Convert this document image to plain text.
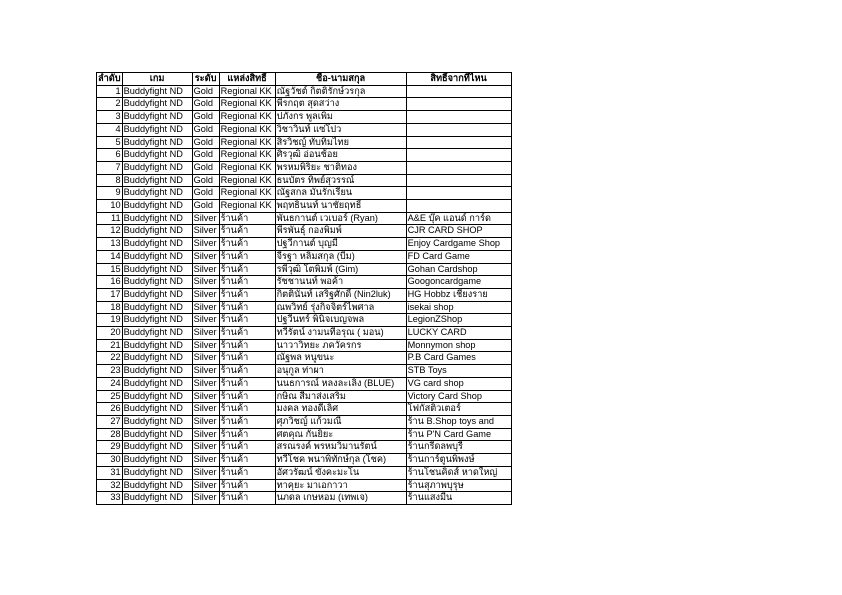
ลำดับ	เกม	ระดับ	แหล่งสิทธิ์	ชื่อ-นามสกุล	สิทธิ์จากที่ไหน
1	Buddyfight ND	Gold	Regional KK	ณัฐวัชต์ กิตติรักษ์วรกุล	
2	Buddyfight ND	Gold	Regional KK	พีรกฤต สุดสว่าง	
3	Buddyfight ND	Gold	Regional KK	ปภังกร พูลเพิ่ม	
4	Buddyfight ND	Gold	Regional KK	วิชาวินท์ แซ่โปว	
5	Buddyfight ND	Gold	Regional KK	สิรวิชญ์ ทับทิมไทย	
6	Buddyfight ND	Gold	Regional KK	ศิรวุฒิ อ่อนช้อย	
7	Buddyfight ND	Gold	Regional KK	พรหมพิริยะ ชาติทอง	
8	Buddyfight ND	Gold	Regional KK	ธนบัตร ทิพย์สุวรรณ์	
9	Buddyfight ND	Gold	Regional KK	ณัฐสกล มันรักเรียน	
10	Buddyfight ND	Gold	Regional KK	พฤทธินนท์ นาชัยฤทธิ์	
11	Buddyfight ND	Silver	ร้านค้า	พันธกานต์ เวเบอร์ (Ryan)	A&E บุ๊ค แอนด์ การ์ด
12	Buddyfight ND	Silver	ร้านค้า	พีรพันธุ์ กองพิมพ์	CJR CARD SHOP
13	Buddyfight ND	Silver	ร้านค้า	ปฐวีกานต์ บุญมี	Enjoy Cardgame Shop
14	Buddyfight ND	Silver	ร้านค้า	จีรฐา หลิมสกุล (บีม)	FD Card Game
15	Buddyfight ND	Silver	ร้านค้า	รพีวุฒิ โตพิมพ์ (Gim)	Gohan Cardshop
16	Buddyfight ND	Silver	ร้านค้า	รัชชานนท์ พอค้า	Googoncardgame
17	Buddyfight ND	Silver	ร้านค้า	กิตตินันท์ เสริฐศักดิ์ (Nin2luk)	HG Hobbz เชียงราย
18	Buddyfight ND	Silver	ร้านค้า	ณพวิทย์ รุ่งกิจจิตร์ไพศาล	isekai shop
19	Buddyfight ND	Silver	ร้านค้า	ปฐวีนทร์ พินิจเบญจพล	LegionZShop
20	Buddyfight ND	Silver	ร้านค้า	ทวีรัตน์ งามนทีอรุณ ( มอน)	LUCKY CARD
21	Buddyfight ND	Silver	ร้านค้า	นาวาวิทยะ ภควัครกร	Monnymon shop
22	Buddyfight ND	Silver	ร้านค้า	ณัฐพล หนูขนะ	P.B Card Games
23	Buddyfight ND	Silver	ร้านค้า	อนุกูล ท่าผา	STB Toys
24	Buddyfight ND	Silver	ร้านค้า	นนธการณ์ หลงละเลิง (BLUE)	VG card shop
25	Buddyfight ND	Silver	ร้านค้า	กษิณ สีมาส่งเสริม	Victory Card Shop
26	Buddyfight ND	Silver	ร้านค้า	มงคล ทองดีเลิศ	โฟกัสติวเตอร์
27	Buddyfight ND	Silver	ร้านค้า	ศุภวิชญ์ แก้วมณี	ร้าน B.Shop toys and
28	Buddyfight ND	Silver	ร้านค้า	ศตคุณ กันยิยะ	ร้าน P'N Card Game
29	Buddyfight ND	Silver	ร้านค้า	สรณรงค์ พรหมวิมานรัตน์	ร้านกรีดลพบุรี
30	Buddyfight ND	Silver	ร้านค้า	ทวีโชค พนาพิทักษ์กุล (โชค)	ร้านการ์ตูนพิพงษ์
31	Buddyfight ND	Silver	ร้านค้า	อัศวรัฒน์ ขังคะมะโน	ร้านโชนคิดส์ หาดใหญ่
32	Buddyfight ND	Silver	ร้านค้า	ทาคุยะ มาเอกาวา	ร้านสุภาพบุรุษ
33	Buddyfight ND	Silver	ร้านค้า	นภดล เกษหอม (เทพเจ)	ร้านแสงมีน
